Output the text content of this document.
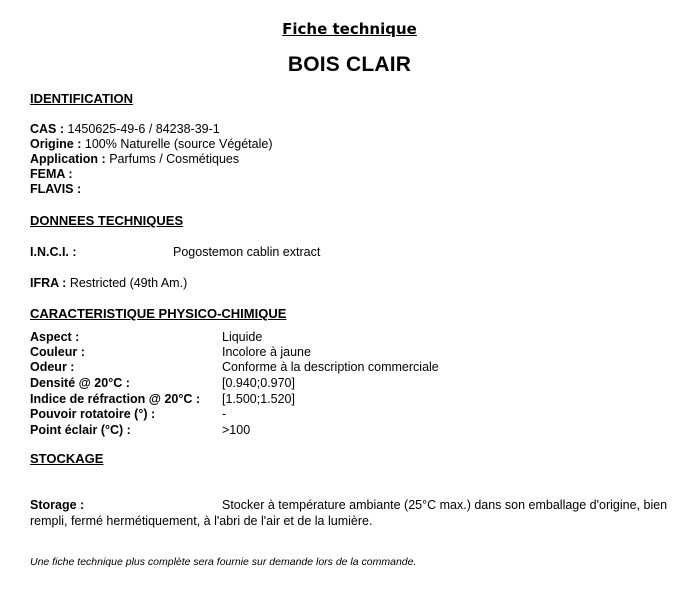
Fiche technique
BOIS CLAIR
IDENTIFICATION
CAS : 1450625-49-6 / 84238-39-1
Origine : 100% Naturelle (source Végétale)
Application : Parfums / Cosmétiques
FEMA :
FLAVIS :
DONNEES TECHNIQUES
I.N.C.I. :	Pogostemon cablin extract
IFRA : Restricted (49th Am.)
CARACTERISTIQUE PHYSICO-CHIMIQUE
Aspect :	Liquide
Couleur :	Incolore à jaune
Odeur :	Conforme à la description commerciale
Densité @ 20°C :	[0.940;0.970]
Indice de réfraction @ 20°C : [1.500;1.520]
Pouvoir rotatoire (°) :	-
Point éclair (°C) :	>100
STOCKAGE
Storage :	Stocker à température ambiante (25°C max.) dans son emballage d'origine, bien rempli, fermé hermétiquement, à l'abri de l'air et de la lumière.
Une fiche technique plus complète sera fournie sur demande lors de la commande.
